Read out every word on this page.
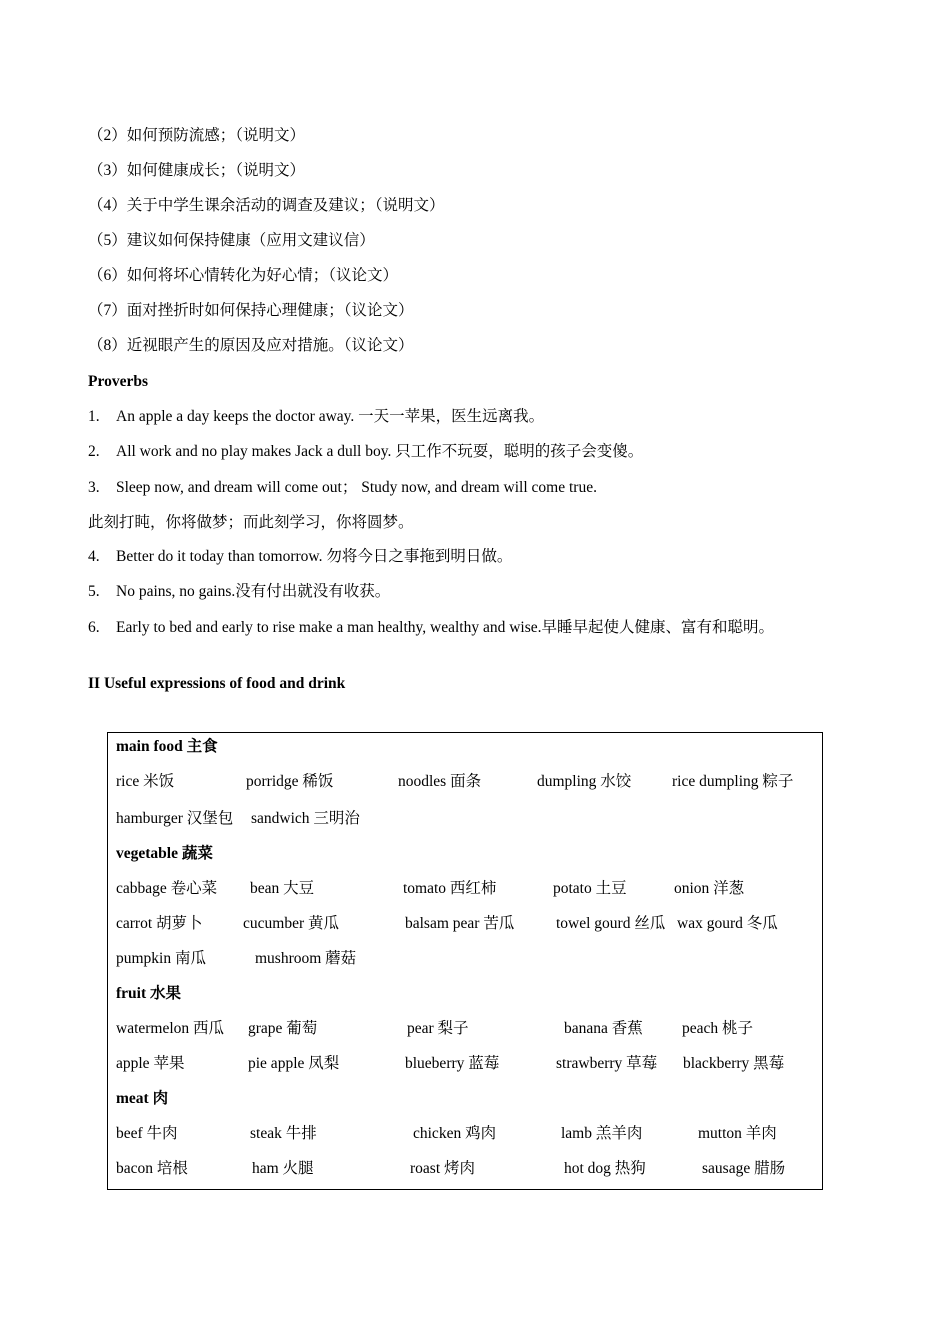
（2）如何预防流感；（说明文）
（3）如何健康成长；（说明文）
（4）关于中学生课余活动的调查及建议；（说明文）
（5）建议如何保持健康（应用文建议信）
（6）如何将坏心情转化为好心情；（议论文）
（7）面对挫折时如何保持心理健康；（议论文）
（8）近视眼产生的原因及应对措施。（议论文）
Proverbs
1. An apple a day keeps the doctor away. 一天一苹果，医生远离我。
2. All work and no play makes Jack a dull boy. 只工作不玩耍，聪明的孩子会变傻。
3. Sleep now, and dream will come out； Study now, and dream will come true.
此刻打盹，你将做梦；而此刻学习，你将圆梦。
4. Better do it today than tomorrow. 勿将今日之事拖到明日做。
5. No pains, no gains.没有付出就没有收获。
6. Early to bed and early to rise make a man healthy, wealthy and wise.早睡早起使人健康、富有和聪明。
II Useful expressions of food and drink
main food 主食
rice 米饭	porridge 稀饭	noodles 面条	dumpling 水饺	rice dumpling 粽子
hamburger 汉堡包 sandwich 三明治
vegetable 蔬菜
cabbage 卷心菜 bean 大豆	tomato 西红柿	potato 土豆	onion 洋葱
carrot 胡萝卜	cucumber 黄瓜	balsam pear 苦瓜	towel gourd 丝瓜 wax gourd 冬瓜
pumpkin 南瓜	mushroom 蘑菇
fruit 水果
watermelon 西瓜 grape 葡萄	pear 梨子	banana 香蕉	peach 桃子
apple 苹果	pie apple 凤梨	blueberry 蓝莓	strawberry 草莓 blackberry 黑莓
meat 肉
beef 牛肉	steak 牛排	chicken 鸡肉	lamb 羔羊肉	mutton 羊肉
bacon 培根	ham 火腿	roast 烤肉	hot dog 热狗	sausage 腊肠
